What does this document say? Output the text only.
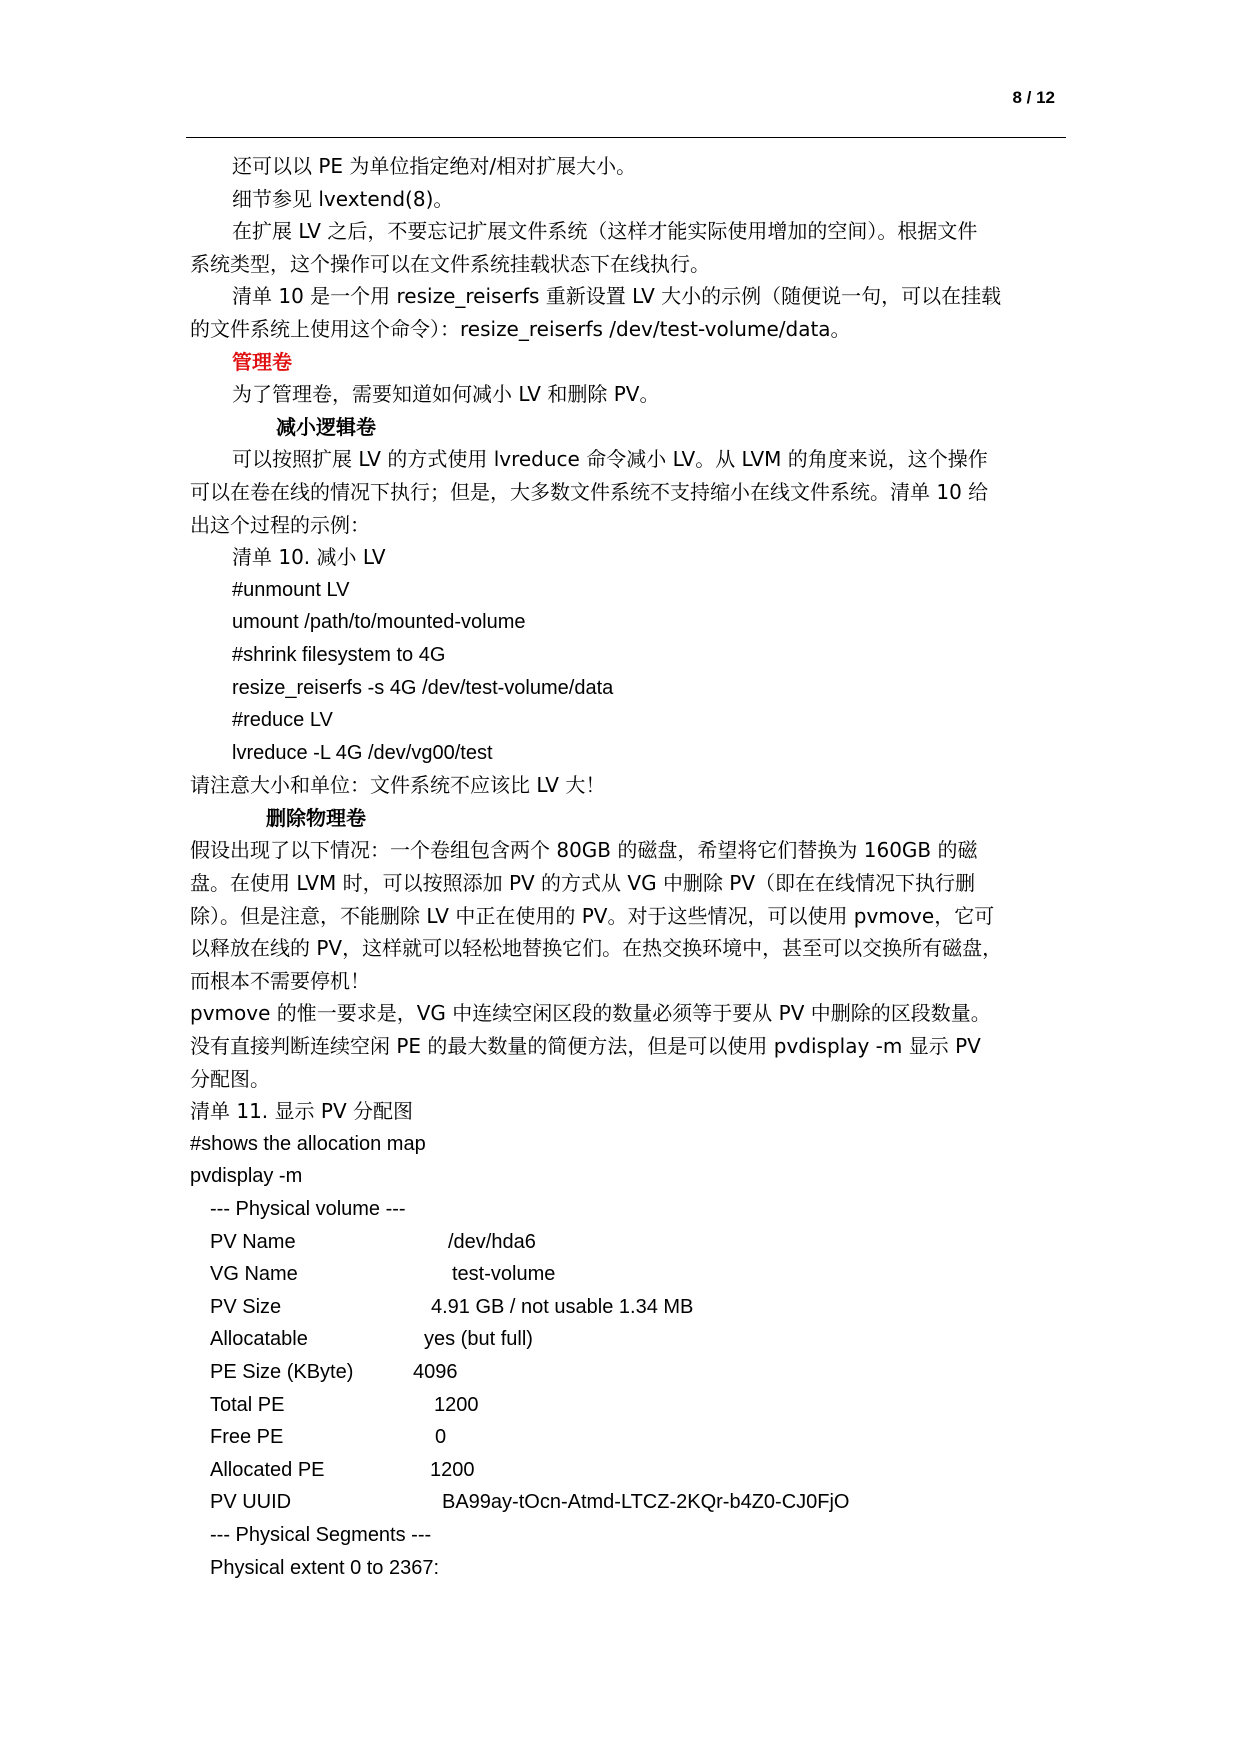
8 / 12
还可以以 PE 为单位指定绝对/相对扩展大小。
细节参见 lvextend(8)。
在扩展 LV 之后，不要忘记扩展文件系统（这样才能实际使用增加的空间）。根据文件
系统类型，这个操作可以在文件系统挂载状态下在线执行。
清单 10 是一个用 resize_reiserfs 重新设置 LV 大小的示例（随便说一句，可以在挂载
的文件系统上使用这个命令）：resize_reiserfs /dev/test-volume/data。
管理卷
为了管理卷，需要知道如何减小 LV 和删除 PV。
减小逻辑卷
可以按照扩展 LV 的方式使用 lvreduce 命令减小 LV。从 LVM 的角度来说，这个操作
可以在卷在线的情况下执行；但是，大多数文件系统不支持缩小在线文件系统。清单 10 给
出这个过程的示例：
清单 10. 减小 LV
#unmount LV
umount /path/to/mounted-volume
#shrink filesystem to 4G
resize_reiserfs -s 4G /dev/test-volume/data
#reduce LV
lvreduce -L 4G /dev/vg00/test
请注意大小和单位：文件系统不应该比 LV 大！
删除物理卷
假设出现了以下情况：一个卷组包含两个 80GB 的磁盘，希望将它们替换为 160GB 的磁
盘。在使用 LVM 时，可以按照添加 PV 的方式从 VG 中删除 PV（即在在线情况下执行删
除）。但是注意，不能删除 LV 中正在使用的 PV。对于这些情况，可以使用 pvmove，它可
以释放在线的 PV，这样就可以轻松地替换它们。在热交换环境中，甚至可以交换所有磁盘，
而根本不需要停机！
pvmove 的惟一要求是，VG 中连续空闲区段的数量必须等于要从 PV 中删除的区段数量。
没有直接判断连续空闲 PE 的最大数量的简便方法，但是可以使用 pvdisplay -m 显示 PV
分配图。
清单 11. 显示 PV 分配图
#shows the allocation map
pvdisplay -m
--- Physical volume ---
PV Name	/dev/hda6
VG Name	test-volume
PV Size	4.91 GB / not usable 1.34 MB
Allocatable	yes (but full)
PE Size (KByte)	4096
Total PE	1200
Free PE	0
Allocated PE	1200
PV UUID	BA99ay-tOcn-Atmd-LTCZ-2KQr-b4Z0-CJ0FjO
--- Physical Segments ---
Physical extent 0 to 2367:
